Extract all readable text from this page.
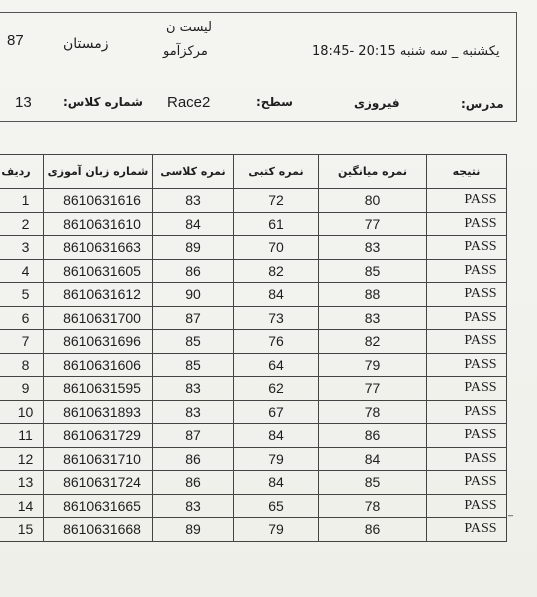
لیست ن
مرکزآمو
زمستان
87
یکشنبه _ سه شنبه 20:15 -18:45
13	شماره کلاس: Race2	سطح:	فیروزی	مدرس:
ردیف	شماره زبان آموزی	نمره کلاسی	نمره کتبی	نمره میانگین	نتیجه
1	8610631616	83	72	80	PASS
2	8610631610	84	61	77	PASS
3	8610631663	89	70	83	PASS
4	8610631605	86	82	85	PASS
5	8610631612	90	84	88	PASS
6	8610631700	87	73	83	PASS
7	8610631696	85	76	82	PASS
8	8610631606	85	64	79	PASS
9	8610631595	83	62	77	PASS
10	8610631893	83	67	78	PASS
11	8610631729	87	84	86	PASS
12	8610631710	86	79	84	PASS
13	8610631724	86	84	85	PASS
14	8610631665	83	65	78	PASS
15	8610631668	89	79	86	PASS
_
